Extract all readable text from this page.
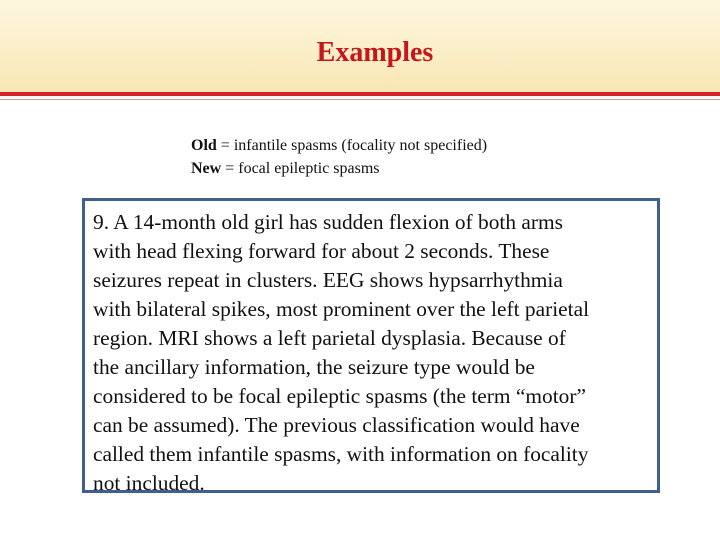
Examples
Old = infantile spasms (focality not specified)
New = focal epileptic spasms

9. A 14-month old girl has sudden flexion of both arms
with head flexing forward for about 2 seconds. These
seizures repeat in clusters. EEG shows hypsarrhythmia
with bilateral spikes, most prominent over the left parietal
region. MRI shows a left parietal dysplasia. Because of
the ancillary information, the seizure type would be
considered to be focal epileptic spasms (the term “motor”
can be assumed). The previous classification would have
called them infantile spasms, with information on focality
not included.
